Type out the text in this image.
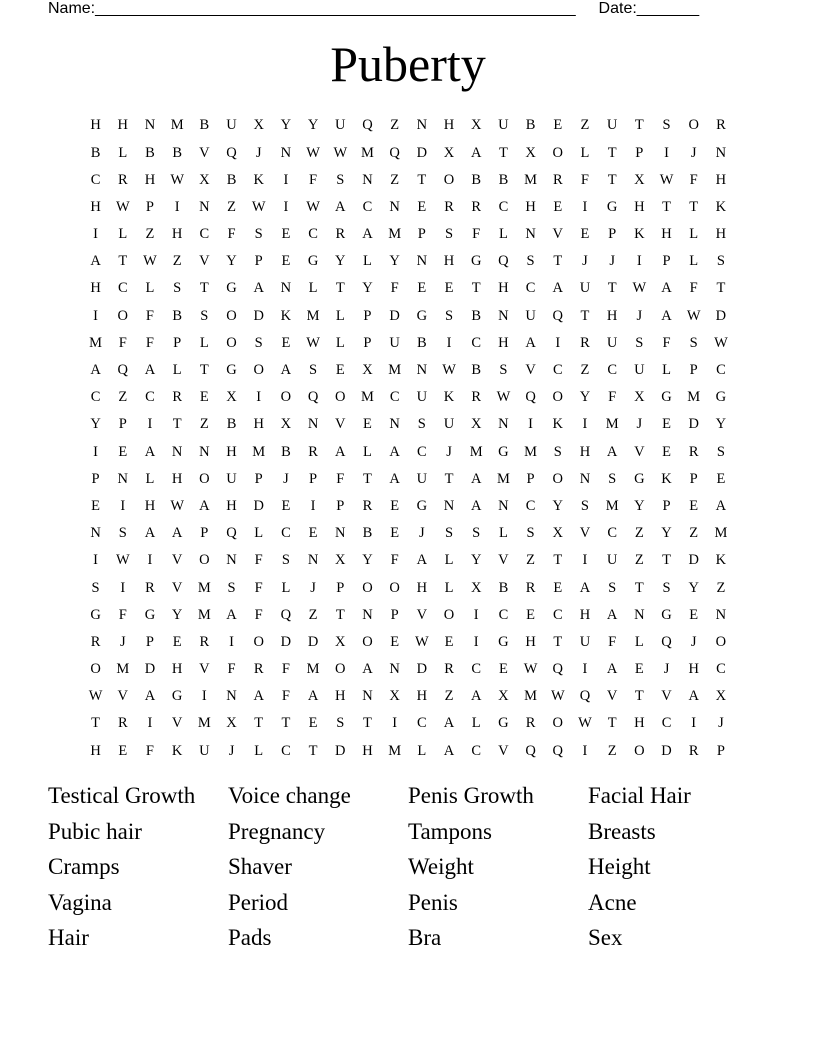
Name:______________________________________________________ Date:_______
Puberty
H	H	N	M	B	U	X	Y	Y	U	Q	Z	N	H	X	U	B	E	Z	U	T	S	O	R
B	L	B	B	V	Q	J	N	W W M	Q	D	X	A	T	X	O	L	T	P	I	J	N
C	R	H	W	X	B	K	I	F	S	N	Z	T	O	B	B	M	R	F	T	X	W	F	H
H	W	P	I	N	Z	W	I	W	A	C	N	E	R	R	C	H	E	I	G	H	T	T	K
I	L	Z	H	C	F	S	E	C	R	A	M	P	S	F	L	N	V	E	P	K	H	L	H
A	T	W	Z	V	Y	P	E	G	Y	L	Y	N	H	G	Q	S	T	J	J	I	P	L	S
H	C	L	S	T	G	A	N	L	T	Y	F	E	E	T	H	C	A	U	T	W	A	F	T
I	O	F	B	S	O	D	K	M	L	P	D	G	S	B	N	U	Q	T	H	J	A	W	D
M	F	F	P	L	O	S	E	W	L	P	U	B	I	C	H	A	I	R	U	S	F	S	W
A	Q	A	L	T	G	O	A	S	E	X	M	N	W	B	S	V	C	Z	C	U	L	P	C
C	Z	C	R	E	X	I	O	Q	O	M	C	U	K	R	W	Q	O	Y	F	X	G	M	G
Y	P	I	T	Z	B	H	X	N	V	E	N	S	U	X	N	I	K	I	M	J	E	D	Y
I	E	A	N	N	H	M	B	R	A	L	A	C	J	M	G	M	S	H	A	V	E	R	S
P	N	L	H	O	U	P	J	P	F	T	A	U	T	A	M	P	O	N	S	G	K	P	E
E	I	H	W	A	H	D	E	I	P	R	E	G	N	A	N	C	Y	S	M	Y	P	E	A
N	S	A	A	P	Q	L	C	E	N	B	E	J	S	S	L	S	X	V	C	Z	Y	Z	M
I	W	I	V	O	N	F	S	N	X	Y	F	A	L	Y	V	Z	T	I	U	Z	T	D	K
S	I	R	V	M	S	F	L	J	P	O	O	H	L	X	B	R	E	A	S	T	S	Y	Z
G	F	G	Y	M	A	F	Q	Z	T	N	P	V	O	I	C	E	C	H	A	N	G	E	N
R	J	P	E	R	I	O	D	D	X	O	E	W	E	I	G	H	T	U	F	L	Q	J	O
O	M	D	H	V	F	R	F	M	O	A	N	D	R	C	E	W	Q	I	A	E	J	H	C
W	V	A	G	I	N	A	F	A	H	N	X	H	Z	A	X	M W	Q	V	T	V	A	X
T	R	I	V	M	X	T	T	E	S	T	I	C	A	L	G	R	O	W	T	H	C	I	J
H	E	F	K	U	J	L	C	T	D	H	M	L	A	C	V	Q	Q	I	Z	O	D	R	P
Testical Growth	Voice change	Penis Growth	Facial Hair
Pubic hair	Pregnancy	Tampons	Breasts
Cramps	Shaver	Weight	Height
Vagina	Period	Penis	Acne
Hair	Pads	Bra	Sex
